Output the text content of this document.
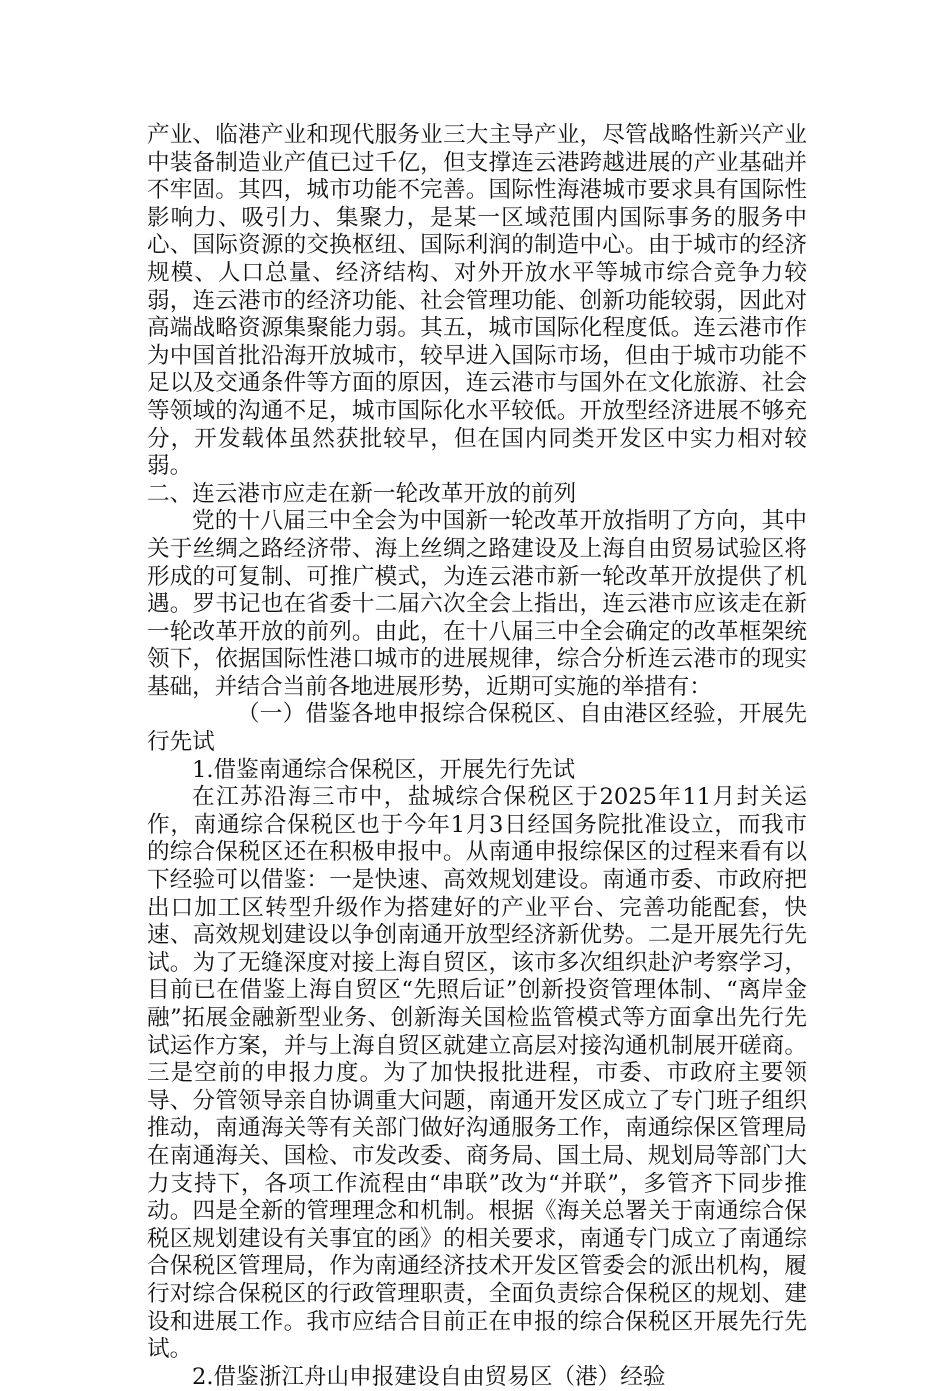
产业、临港产业和现代服务业三大主导产业，尽管战略性新兴产业中装备制造业产值已过千亿，但支撑连云港跨越进展的产业基础并不牢固。其四，城市功能不完善。国际性海港城市要求具有国际性影响力、吸引力、集聚力，是某一区域范围内国际事务的服务中心、国际资源的交换枢纽、国际利润的制造中心。由于城市的经济规模、人口总量、经济结构、对外开放水平等城市综合竞争力较弱，连云港市的经济功能、社会管理功能、创新功能较弱，因此对高端战略资源集聚能力弱。其五，城市国际化程度低。连云港市作为中国首批沿海开放城市，较早进入国际市场，但由于城市功能不足以及交通条件等方面的原因，连云港市与国外在文化旅游、社会等领域的沟通不足，城市国际化水平较低。开放型经济进展不够充分，开发载体虽然获批较早，但在国内同类开发区中实力相对较弱。

二、连云港市应走在新一轮改革开放的前列

党的十八届三中全会为中国新一轮改革开放指明了方向，其中关于丝绸之路经济带、海上丝绸之路建设及上海自由贸易试验区将形成的可复制、可推广模式，为连云港市新一轮改革开放提供了机遇。罗书记也在省委十二届六次全会上指出，连云港市应该走在新一轮改革开放的前列。由此，在十八届三中全会确定的改革框架统领下，依据国际性港口城市的进展规律，综合分析连云港市的现实基础，并结合当前各地进展形势，近期可实施的举措有：

（一）借鉴各地申报综合保税区、自由港区经验，开展先行先试

1.借鉴南通综合保税区，开展先行先试

在江苏沿海三市中，盐城综合保税区于2025年11月封关运作，南通综合保税区也于今年1月3日经国务院批准设立，而我市的综合保税区还在积极申报中。从南通申报综保区的过程来看有以下经验可以借鉴：一是快速、高效规划建设。南通市委、市政府把出口加工区转型升级作为搭建好的产业平台、完善功能配套，快速、高效规划建设以争创南通开放型经济新优势。二是开展先行先试。为了无缝深度对接上海自贸区，该市多次组织赴沪考察学习，目前已在借鉴上海自贸区“先照后证”创新投资管理体制、“离岸金融”拓展金融新型业务、创新海关国检监管模式等方面拿出先行先试运作方案，并与上海自贸区就建立高层对接沟通机制展开磋商。三是空前的申报力度。为了加快报批进程，市委、市政府主要领导、分管领导亲自协调重大问题，南通开发区成立了专门班子组织推动，南通海关等有关部门做好沟通服务工作，南通综保区管理局在南通海关、国检、市发改委、商务局、国土局、规划局等部门大力支持下，各项工作流程由“串联”改为“并联”，多管齐下同步推动。四是全新的管理理念和机制。根据《海关总署关于南通综合保税区规划建设有关事宜的函》的相关要求，南通专门成立了南通综合保税区管理局，作为南通经济技术开发区管委会的派出机构，履行对综合保税区的行政管理职责，全面负责综合保税区的规划、建设和进展工作。我市应结合目前正在申报的综合保税区开展先行先试。

2.借鉴浙江舟山申报建设自由贸易区（港）经验
